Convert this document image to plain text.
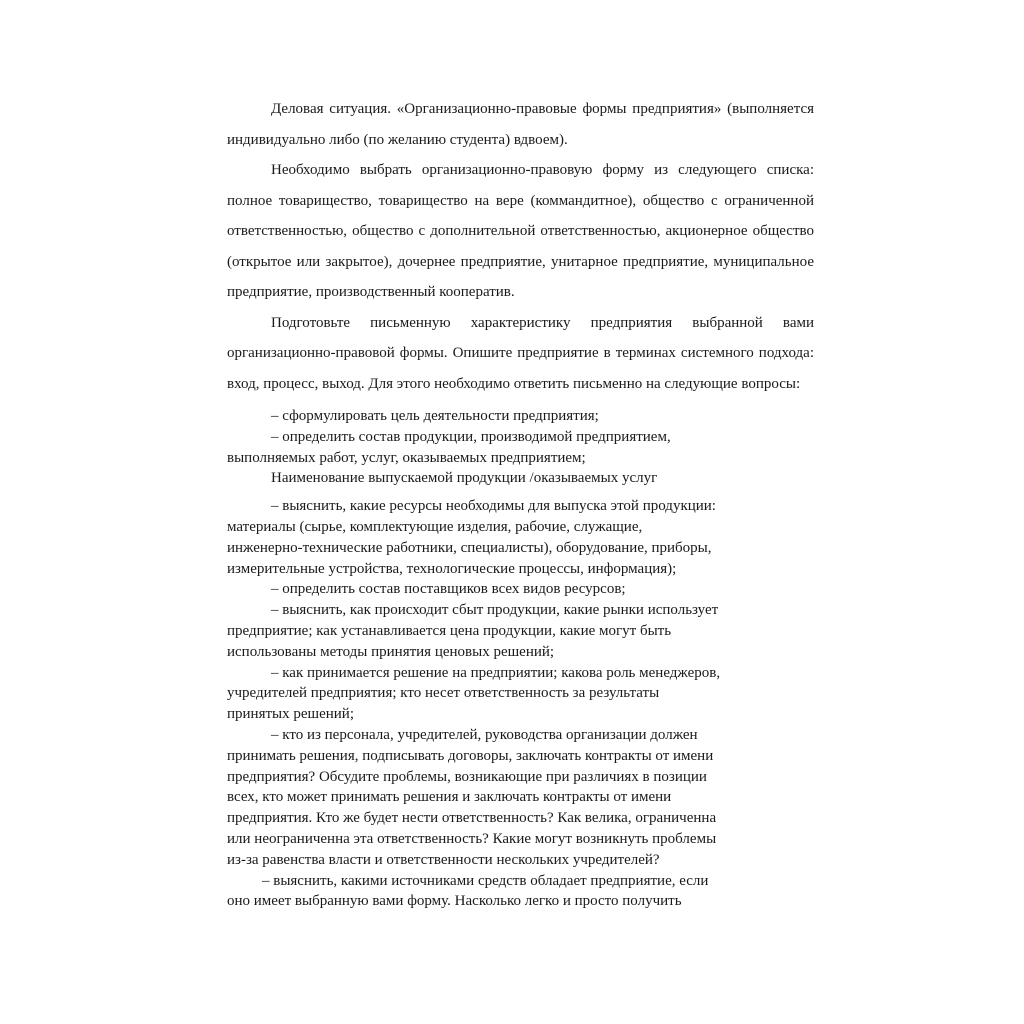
Деловая ситуация. «Организационно-правовые формы предприятия» (выполняется индивидуально либо (по желанию студента) вдвоем).

Необходимо выбрать организационно-правовую форму из следующего списка: полное товарищество, товарищество на вере (коммандитное), общество с ограниченной ответственностью, общество с дополнительной ответственностью, акционерное общество (открытое или закрытое), дочернее предприятие, унитарное предприятие, муниципальное предприятие, производственный кооператив.

Подготовьте письменную характеристику предприятия выбранной вами организационно-правовой формы. Опишите предприятие в терминах системного подхода: вход, процесс, выход. Для этого необходимо ответить письменно на следующие вопросы:

– сформулировать цель деятельности предприятия;

– определить состав продукции, производимой предприятием,

выполняемых работ, услуг, оказываемых предприятием;

Наименование выпускаемой продукции /оказываемых услуг

– выяснить, какие ресурсы необходимы для выпуска этой продукции:

материалы (сырье, комплектующие изделия, рабочие, служащие,

инженерно-технические работники, специалисты), оборудование, приборы,

измерительные устройства, технологические процессы, информация);

– определить состав поставщиков всех видов ресурсов;

– выяснить, как происходит сбыт продукции, какие рынки использует

предприятие; как устанавливается цена продукции, какие могут быть

использованы методы принятия ценовых решений;

– как принимается решение на предприятии; какова роль менеджеров,

учредителей предприятия; кто несет ответственность за результаты

принятых решений;

– кто из персонала, учредителей, руководства организации должен

принимать решения, подписывать договоры, заключать контракты от имени

предприятия? Обсудите проблемы, возникающие при различиях в позиции

всех, кто может принимать решения и заключать контракты от имени

предприятия. Кто же будет нести ответственность? Как велика, ограниченна

или неограниченна эта ответственность? Какие могут возникнуть проблемы

из-за равенства власти и ответственности нескольких учредителей?

– выяснить, какими источниками средств обладает предприятие, если

оно имеет выбранную вами форму. Насколько легко и просто получить
